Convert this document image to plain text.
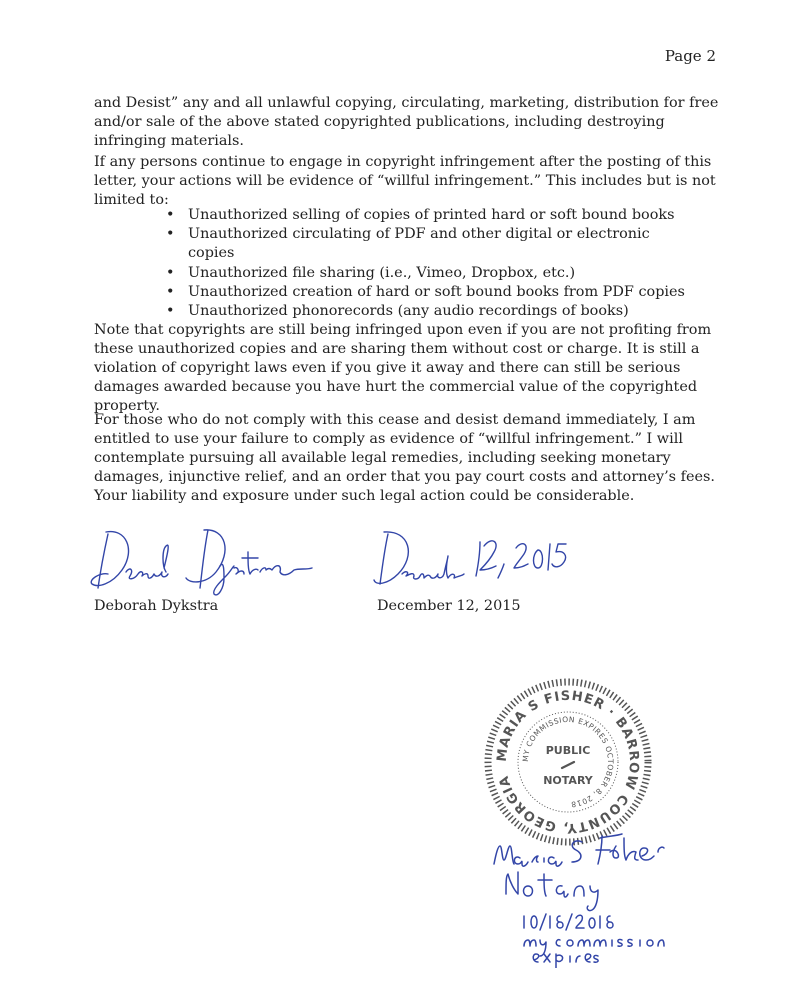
Page 2
and Desist” any and all unlawful copying, circulating, marketing, distribution for free and/or sale of the above stated copyrighted publications, including destroying infringing materials.
If any persons continue to engage in copyright infringement after the posting of this letter, your actions will be evidence of “willful infringement.” This includes but is not limited to:
• Unauthorized selling of copies of printed hard or soft bound books
• Unauthorized circulating of PDF and other digital or electronic copies
• Unauthorized file sharing (i.e., Vimeo, Dropbox, etc.)
• Unauthorized creation of hard or soft bound books from PDF copies
• Unauthorized phonorecords (any audio recordings of books)
Note that copyrights are still being infringed upon even if you are not profiting from these unauthorized copies and are sharing them without cost or charge. It is still a violation of copyright laws even if you give it away and there can still be serious damages awarded because you have hurt the commercial value of the copyrighted property.
For those who do not comply with this cease and desist demand immediately, I am entitled to use your failure to comply as evidence of “willful infringement.” I will contemplate pursuing all available legal remedies, including seeking monetary damages, injunctive relief, and an order that you pay court costs and attorney’s fees. Your liability and exposure under such legal action could be considerable.
Deborah Dykstra	December 12, 2015
MARIA S FISHER · BARROW COUNTY, GEORGIA
MY COMMISSION EXPIRES OCTOBER 8, 2018
PUBLIC
NOTARY
